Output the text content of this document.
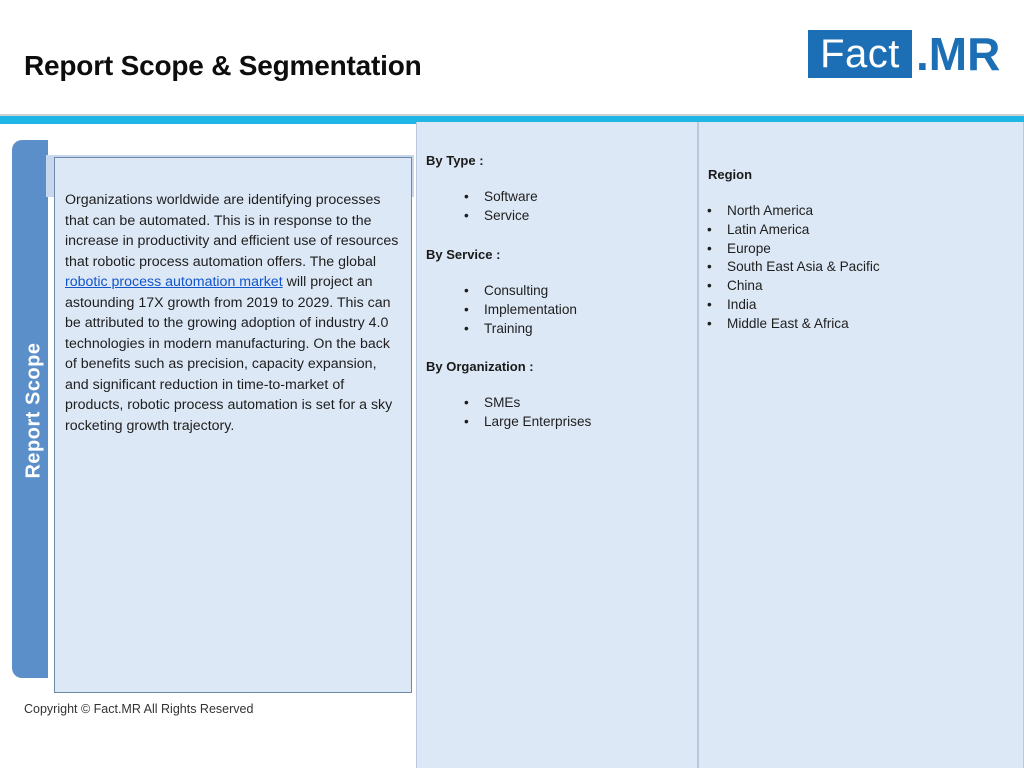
Report Scope & Segmentation	Fact . MR
Report Scope
Organizations worldwide are identifying processes that can be automated. This is in response to the increase in productivity and efficient use of resources that robotic process automation offers. The global robotic process automation market will project an astounding 17X growth from 2019 to 2029. This can be attributed to the growing adoption of industry 4.0 technologies in modern manufacturing. On the back of benefits such as precision, capacity expansion, and significant reduction in time-to-market of products, robotic process automation is set for a sky rocketing growth trajectory.
By Type :
• Software
• Service
By Service :
• Consulting
• Implementation
• Training
By Organization :
• SMEs
• Large Enterprises
Region
• North America
• Latin America
• Europe
• South East Asia & Pacific
• China
• India
• Middle East & Africa
Copyright © Fact.MR All Rights Reserved
